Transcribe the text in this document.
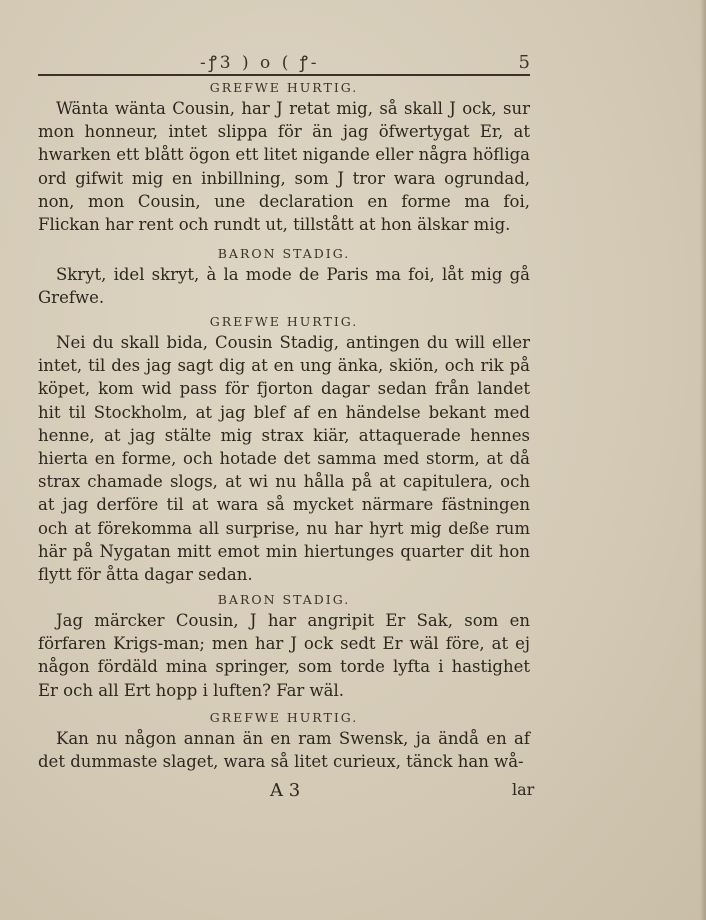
-ꝭ3 ) o ( ꝭ-	5
GREFWE HURTIG.

Wänta wänta Cousin, har J retat mig, så skall J ock, sur mon honneur, intet slippa för än jag öfwertygat Er, at hwarken ett blått ögon ett litet nigande eller några höfliga ord gifwit mig en inbillning, som J tror wara ogrundad, non, mon Cousin, une declaration en forme ma foi, Flickan har rent och rundt ut, tillstått at hon älskar mig.

BARON STADIG.

Skryt, idel skryt, à la mode de Paris ma foi, låt mig gå Grefwe.

GREFWE HURTIG.

Nei du skall bida, Cousin Stadig, antingen du will eller intet, til des jag sagt dig at en ung änka, skiön, och rik på köpet, kom wid pass för fjorton dagar sedan från landet hit til Stockholm, at jag blef af en händelse bekant med henne, at jag stälte mig strax kiär, attaquerade hennes hierta en forme, och hotade det samma med storm, at då strax chamade slogs, at wi nu hålla på at capitulera, och at jag derföre til at wara så mycket närmare fästningen och at förekomma all surprise, nu har hyrt mig deße rum här på Nygatan mitt emot min hiertunges quarter dit hon flytt för åtta dagar sedan.

BARON STADIG.

Jag märcker Cousin, J har angripit Er Sak, som en förfaren Krigs-man; men har J ock sedt Er wäl före, at ej någon fördäld mina springer, som torde lyfta i hastighet Er och all Ert hopp i luften? Far wäl.

GREFWE HURTIG.

Kan nu någon annan än en ram Swensk, ja ändå en af det dummaste slaget, wara så litet curieux, tänck han wå-

A 3	lar
